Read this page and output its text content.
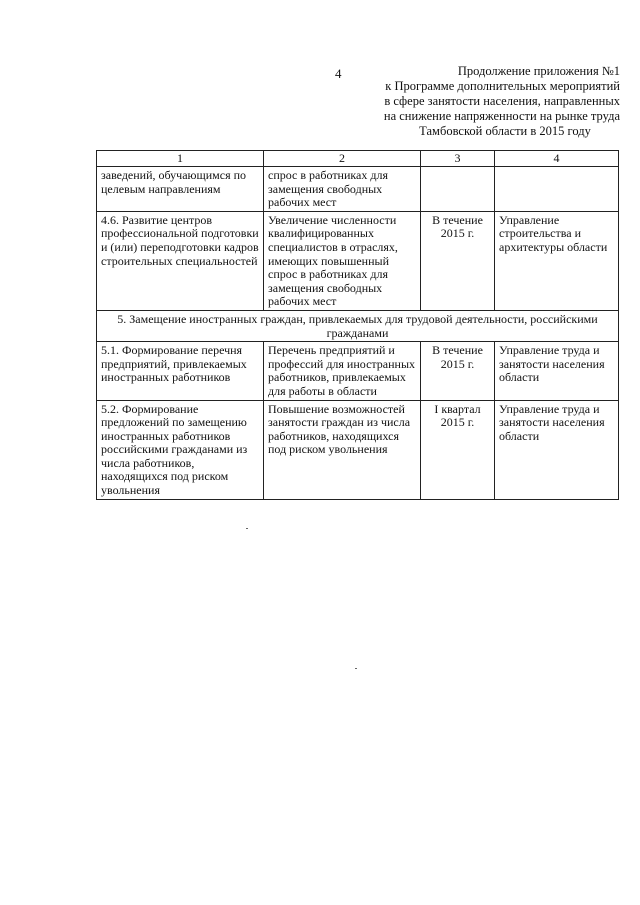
4	Продолжение приложения №1
к Программе дополнительных мероприятий
в сфере занятости населения, направленных
на снижение напряженности на рынке труда
Тамбовской области в 2015 году
1	2	3	4
заведений, обучающимся по целевым направлениям	спрос в работниках для замещения свободных рабочих мест		
4.6. Развитие центров профессиональной подготовки и (или) переподготовки кадров строительных специальностей	Увеличение численности квалифицированных специалистов в отраслях, имеющих повышенный спрос в работниках для замещения свободных рабочих мест	В течение 2015 г.	Управление строительства и архитектуры области
5. Замещение иностранных граждан, привлекаемых для трудовой деятельности, российскими гражданами			
5.1. Формирование перечня предприятий, привлекаемых иностранных работников	Перечень предприятий и профессий для иностранных работников, привлекаемых для работы в области	В течение 2015 г.	Управление труда и занятости населения области
5.2. Формирование предложений по замещению иностранных работников российскими гражданами из числа работников, находящихся под риском увольнения	Повышение возможностей занятости граждан из числа работников, находящихся под риском увольнения	I квартал 2015 г.	Управление труда и занятости населения области
